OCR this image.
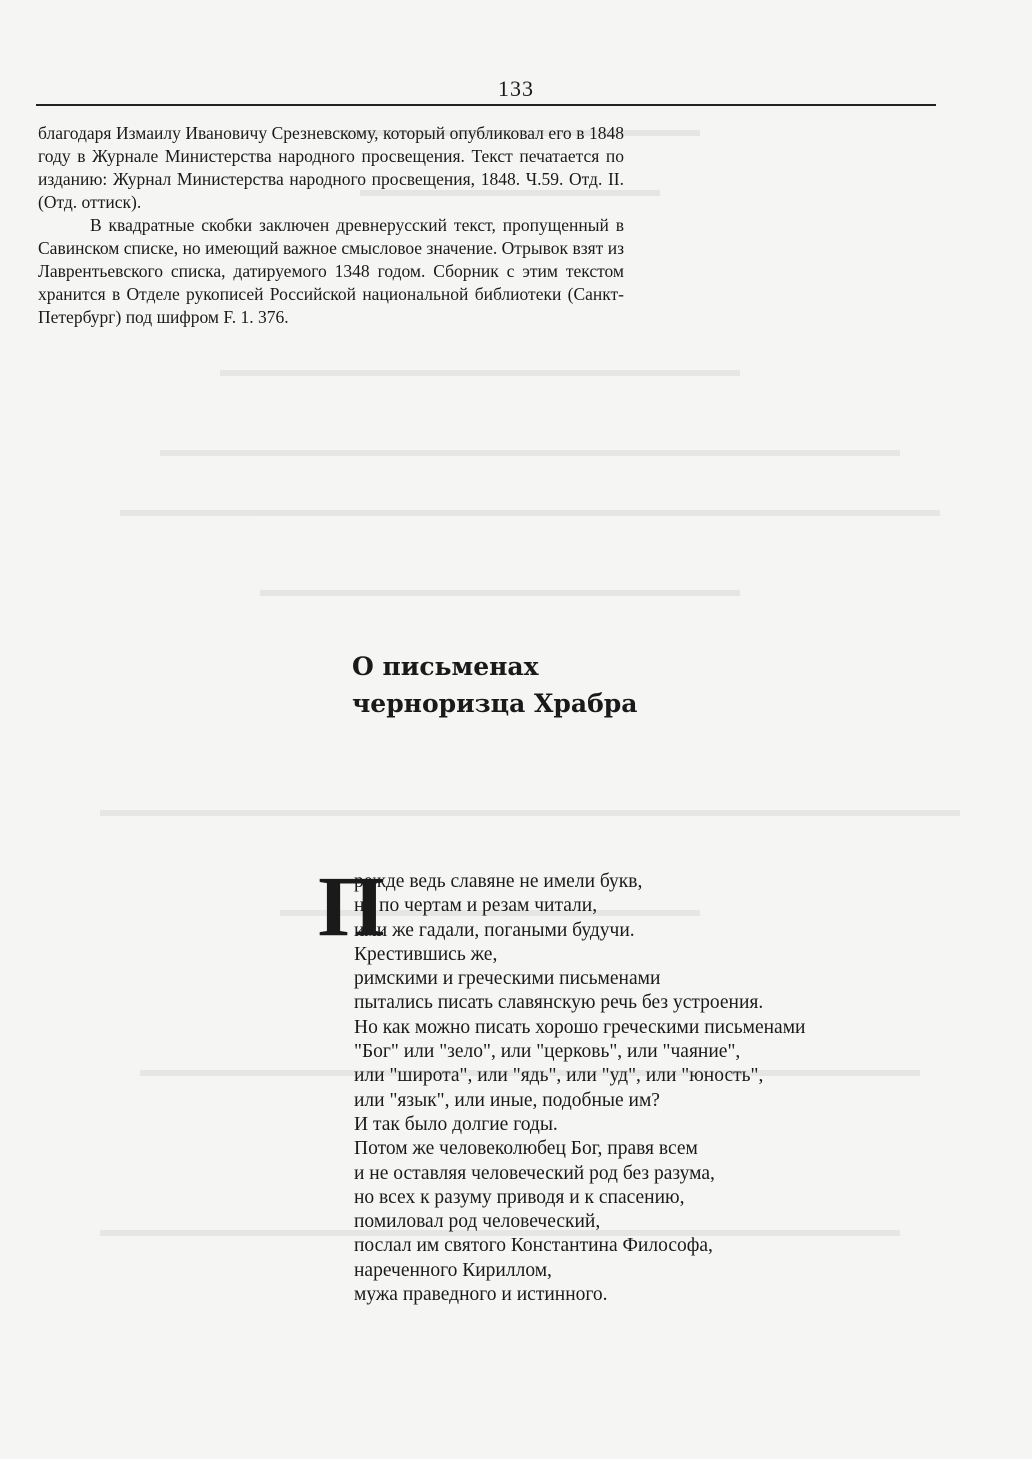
133

благодаря Измаилу Ивановичу Срезневскому, который опубликовал его в 1848 году в Журнале Министерства народного просвещения. Текст печатается по изданию: Журнал Министерства народного просвещения, 1848. Ч.59. Отд. II. (Отд. оттиск).

В квадратные скобки заключен древнерусский текст, пропущенный в Савинском списке, но имеющий важное смысловое значение. Отрывок взят из Лаврентьевского списка, датируемого 1348 годом. Сборник с этим текстом хранится в Отделе рукописей Российской национальной библиотеки (Санкт-Петербург) под шифром F. 1. 376.

О письменах
черноризца Храбра
П
режде ведь славяне не имели букв,
но по чертам и резам читали,
ими же гадали, погаными будучи.
Крестившись же,
римскими и греческими письменами
пытались писать славянскую речь без устроения.
Но как можно писать хорошо греческими письменами
"Бог" или "зело", или "церковь", или "чаяние",
или "широта", или "ядь", или "уд", или "юность",
или "язык", или иные, подобные им?
И так было долгие годы.
Потом же человеколюбец Бог, правя всем
и не оставляя человеческий род без разума,
но всех к разуму приводя и к спасению,
помиловал род человеческий,
послал им святого Константина Философа,
нареченного Кириллом,
мужа праведного и истинного.
